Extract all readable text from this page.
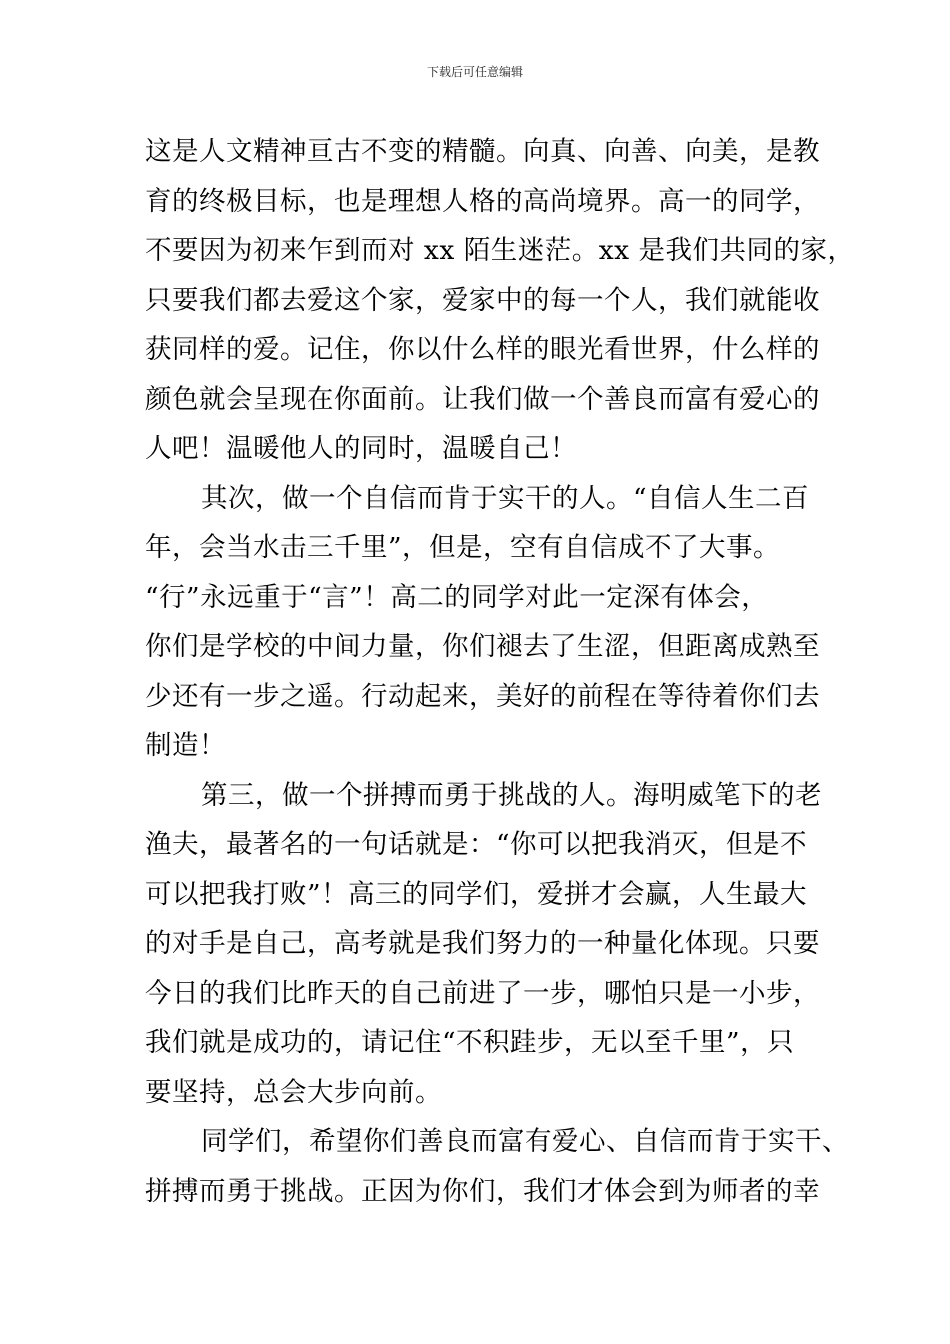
下载后可任意编辑
这是人文精神亘古不变的精髓。向真、向善、向美，是教
育的终极目标，也是理想人格的高尚境界。高一的同学，
不要因为初来乍到而对 xx 陌生迷茫。xx 是我们共同的家，
只要我们都去爱这个家，爱家中的每一个人，我们就能收
获同样的爱。记住，你以什么样的眼光看世界，什么样的
颜色就会呈现在你面前。让我们做一个善良而富有爱心的
人吧！温暖他人的同时，温暖自己！
其次，做一个自信而肯于实干的人。“自信人生二百
年，会当水击三千里”，但是，空有自信成不了大事。
“行”永远重于“言”！高二的同学对此一定深有体会，
你们是学校的中间力量，你们褪去了生涩，但距离成熟至
少还有一步之遥。行动起来，美好的前程在等待着你们去
制造！
第三，做一个拼搏而勇于挑战的人。海明威笔下的老
渔夫，最著名的一句话就是：“你可以把我消灭，但是不
可以把我打败”！高三的同学们，爱拼才会赢，人生最大
的对手是自己，高考就是我们努力的一种量化体现。只要
今日的我们比昨天的自己前进了一步，哪怕只是一小步，
我们就是成功的，请记住“不积跬步，无以至千里”，只
要坚持，总会大步向前。
同学们，希望你们善良而富有爱心、自信而肯于实干、
拼搏而勇于挑战。正因为你们，我们才体会到为师者的幸
